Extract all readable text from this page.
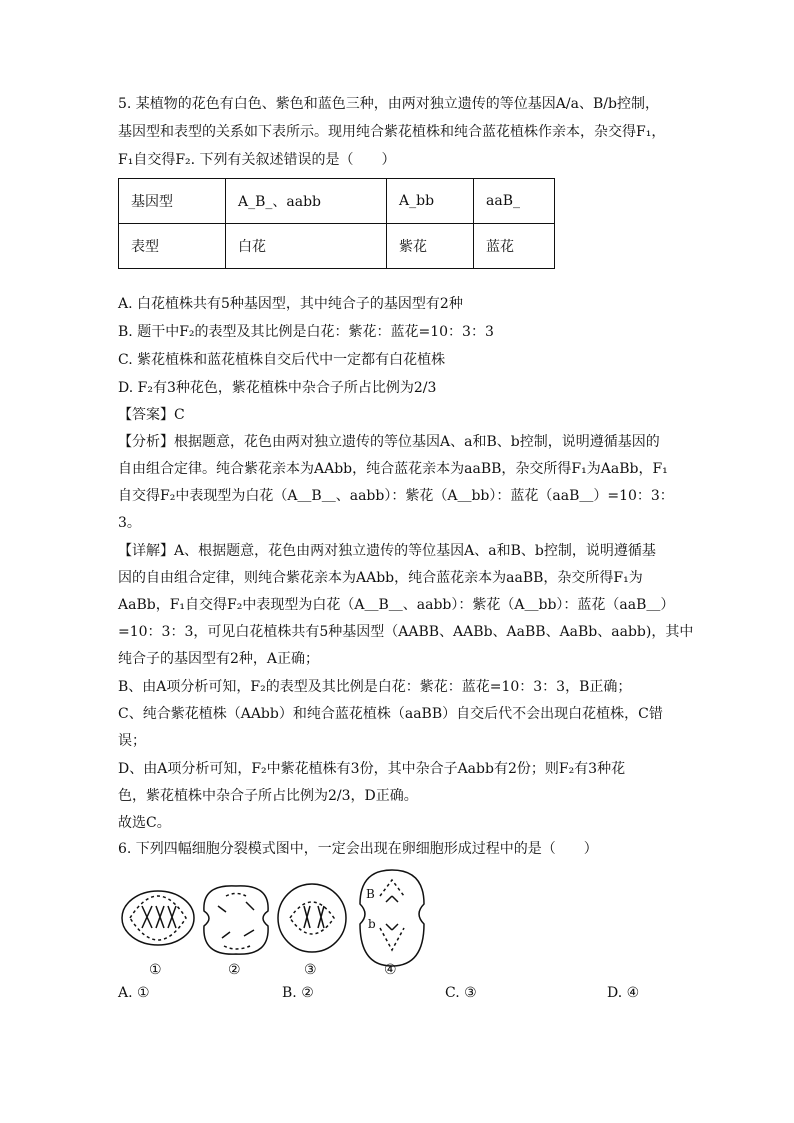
5. 某植物的花色有白色、紫色和蓝色三种，由两对独立遗传的等位基因A/a、B/b控制，
基因型和表型的关系如下表所示。现用纯合紫花植株和纯合蓝花植株作亲本，杂交得F₁，
F₁自交得F₂. 下列有关叙述错误的是（　　）
基因型	A_B_、aabb	A_bb	aaB_
表型	白花	紫花	蓝花
A. 白花植株共有5种基因型，其中纯合子的基因型有2种
B. 题干中F₂的表型及其比例是白花：紫花：蓝花=10：3：3
C. 紫花植株和蓝花植株自交后代中一定都有白花植株
D. F₂有3种花色，紫花植株中杂合子所占比例为2/3
【答案】C
【分析】根据题意，花色由两对独立遗传的等位基因A、a和B、b控制，说明遵循基因的
自由组合定律。纯合紫花亲本为AAbb，纯合蓝花亲本为aaBB，杂交所得F₁为AaBb，F₁
自交得F₂中表现型为白花（A＿B＿、aabb）：紫花（A＿bb）：蓝花（aaB＿）=10：3：
3。
【详解】A、根据题意，花色由两对独立遗传的等位基因A、a和B、b控制，说明遵循基
因的自由组合定律，则纯合紫花亲本为AAbb，纯合蓝花亲本为aaBB，杂交所得F₁为
AaBb，F₁自交得F₂中表现型为白花（A＿B＿、aabb）：紫花（A＿bb）：蓝花（aaB＿）
=10：3：3，可见白花植株共有5种基因型（AABB、AABb、AaBB、AaBb、aabb)，其中
纯合子的基因型有2种，A正确；
B、由A项分析可知，F₂的表型及其比例是白花：紫花：蓝花=10：3：3，B正确；
C、纯合紫花植株（AAbb）和纯合蓝花植株（aaBB）自交后代不会出现白花植株，C错
误；
D、由A项分析可知，F₂中紫花植株有3份，其中杂合子Aabb有2份；则F₂有3种花
色，紫花植株中杂合子所占比例为2/3，D正确。
故选C。
6. 下列四幅细胞分裂模式图中，一定会出现在卵细胞形成过程中的是（　　）
B
b
①	②	③	④
A. ①	B. ②	C. ③	D. ④
